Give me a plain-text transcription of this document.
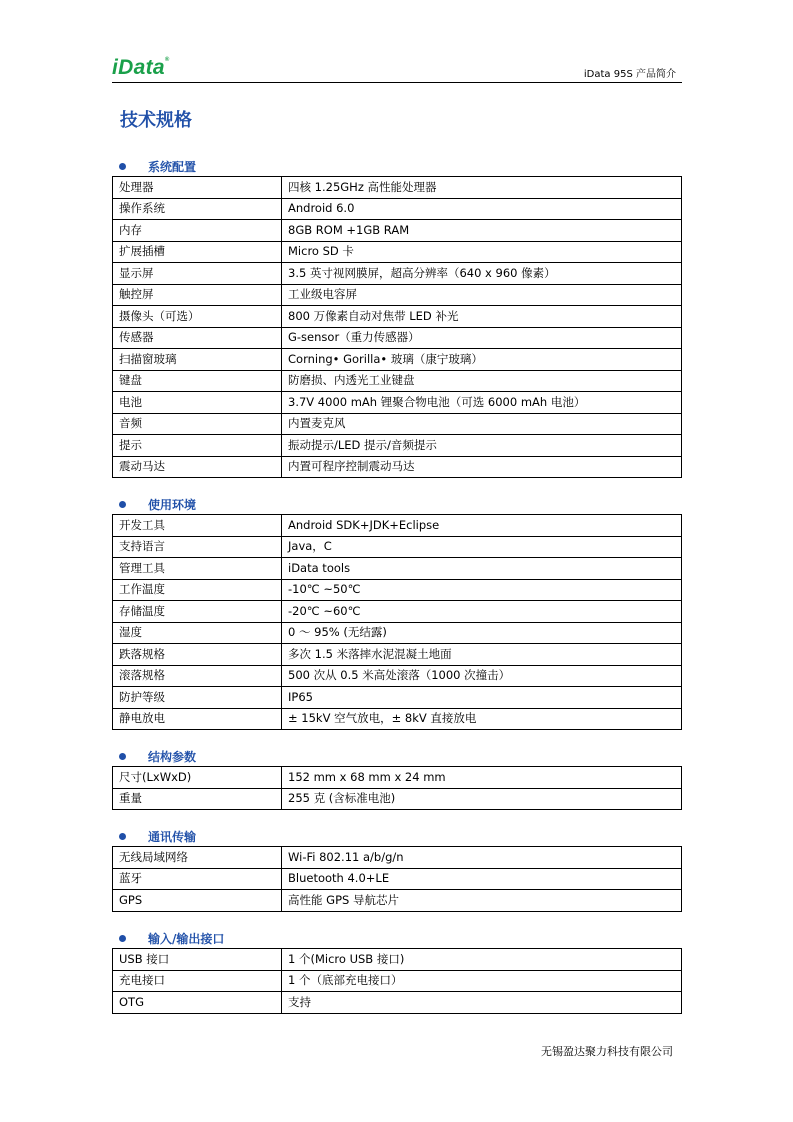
iData®
iData 95S 产品简介
技术规格
系统配置
处理器	四核 1.25GHz 高性能处理器
操作系统	Android 6.0
内存	8GB ROM +1GB RAM
扩展插槽	Micro SD 卡
显示屏	3.5 英寸视网膜屏，超高分辨率（640 x 960 像素）
触控屏	工业级电容屏
摄像头（可选）	800 万像素自动对焦带 LED 补光
传感器	G-sensor（重力传感器）
扫描窗玻璃	Corning• Gorilla• 玻璃（康宁玻璃）
键盘	防磨损、内透光工业键盘
电池	3.7V 4000 mAh 锂聚合物电池（可选 6000 mAh 电池）
音频	内置麦克风
提示	振动提示/LED 提示/音频提示
震动马达	内置可程序控制震动马达
使用环境
开发工具	Android SDK+JDK+Eclipse
支持语言	Java，C
管理工具	iData tools
工作温度	-10℃ ~50℃
存储温度	-20℃ ~60℃
湿度	0 ～ 95% (无结露)
跌落规格	多次 1.5 米落摔水泥混凝土地面
滚落规格	500 次从 0.5 米高处滚落（1000 次撞击）
防护等级	IP65
静电放电	± 15kV 空气放电，± 8kV 直接放电
结构参数
尺寸(LxWxD)	152 mm x 68 mm x 24 mm
重量	255 克 (含标准电池)
通讯传输
无线局域网络	Wi-Fi 802.11 a/b/g/n
蓝牙	Bluetooth 4.0+LE
GPS	高性能 GPS 导航芯片
输入/输出接口
USB 接口	1 个(Micro USB 接口)
充电接口	1 个（底部充电接口）
OTG	支持
无锡盈达聚力科技有限公司
